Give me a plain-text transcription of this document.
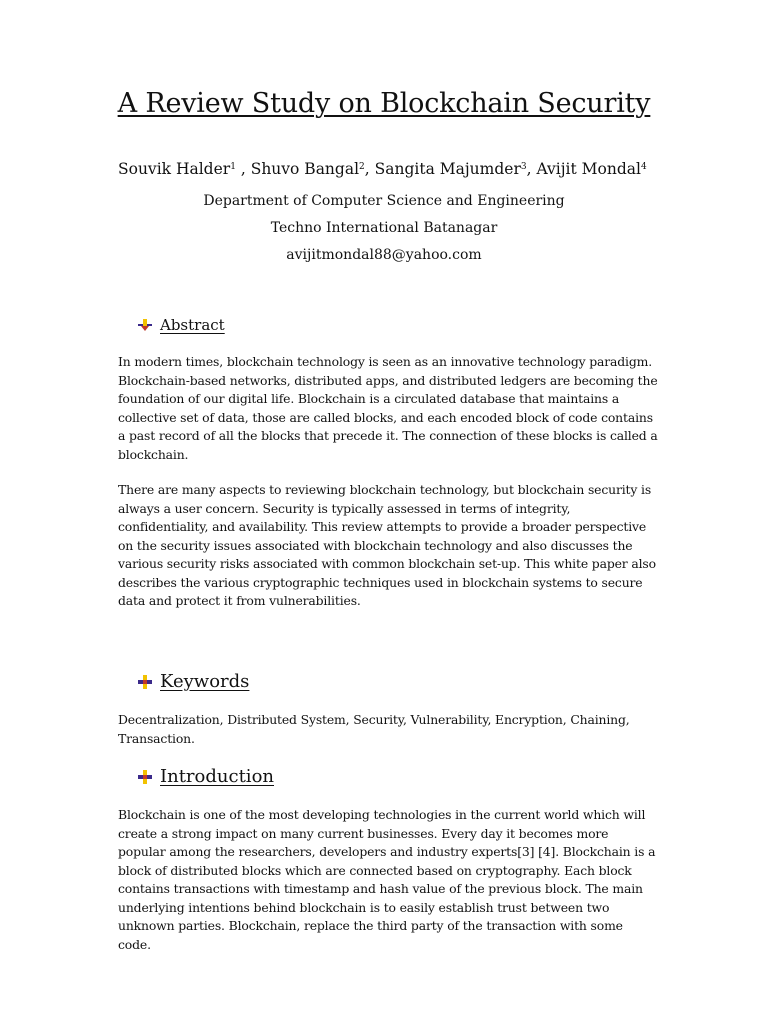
A Review Study on Blockchain Security
Souvik Halder$^1$ , Shuvo Bangal$^2$, Sangita Majumder$^3$, Avijit Mondal$^4$
Department of Computer Science and Engineering
Techno International Batanagar
avijitmondal88@yahoo.com
Abstract

In modern times, blockchain technology is seen as an innovative technology paradigm. Blockchain-based networks, distributed apps, and distributed ledgers are becoming the foundation of our digital life. Blockchain is a circulated database that maintains a collective set of data, those are called blocks, and each encoded block of code contains a past record of all the blocks that precede it. The connection of these blocks is called a blockchain.

There are many aspects to reviewing blockchain technology, but blockchain security is always a user concern. Security is typically assessed in terms of integrity, confidentiality, and availability. This review attempts to provide a broader perspective on the security issues associated with blockchain technology and also discusses the various security risks associated with common blockchain set-up. This white paper also describes the various cryptographic techniques used in blockchain systems to secure data and protect it from vulnerabilities.

Keywords

Decentralization, Distributed System, Security, Vulnerability, Encryption, Chaining, Transaction.

Introduction

Blockchain is one of the most developing technologies in the current world which will create a strong impact on many current businesses. Every day it becomes more popular among the researchers, developers and industry experts[3] [4]. Blockchain is a block of distributed blocks which are connected based on cryptography. Each block contains transactions with timestamp and hash value of the previous block. The main underlying intentions behind blockchain is to easily establish trust between two unknown parties. Blockchain, replace the third party of the transaction with some code.
